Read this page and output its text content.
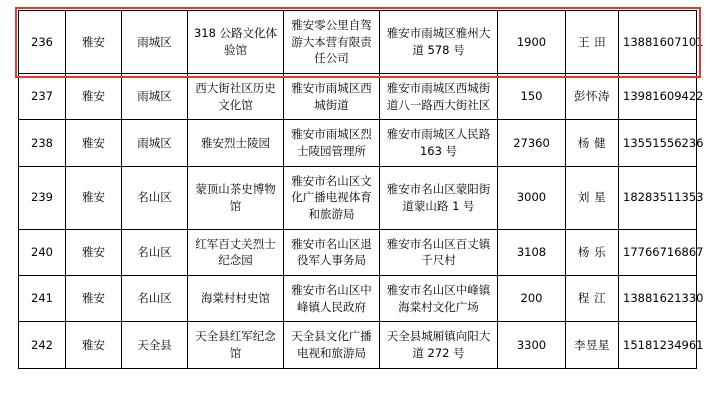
236	雅安	雨城区	318 公路文化体验馆	雅安零公里自驾游大本营有限责任公司	雅安市雨城区雅州大道 578 号	1900	王 田	13881607101
237	雅安	雨城区	西大街社区历史文化馆	雅安市雨城区西城街道	雅安市雨城区西城街道八一路西大街社区	150	彭怀涛	13981609422
238	雅安	雨城区	雅安烈士陵园	雅安市雨城区烈士陵园管理所	雅安市雨城区人民路 163 号	27360	杨 健	13551556236
239	雅安	名山区	蒙顶山茶史博物馆	雅安市名山区文化广播电视体育和旅游局	雅安市名山区蒙阳街道蒙山路 1 号	3000	刘 星	18283511353
240	雅安	名山区	红军百丈关烈士纪念园	雅安市名山区退役军人事务局	雅安市名山区百丈镇千尺村	3108	杨 乐	17766716867
241	雅安	名山区	海棠村村史馆	雅安市名山区中峰镇人民政府	雅安市名山区中峰镇海棠村文化广场	200	程 江	13881621330
242	雅安	天全县	天全县红军纪念馆	天全县文化广播电视和旅游局	天全县城厢镇向阳大道 272 号	3300	李昱星	15181234961
